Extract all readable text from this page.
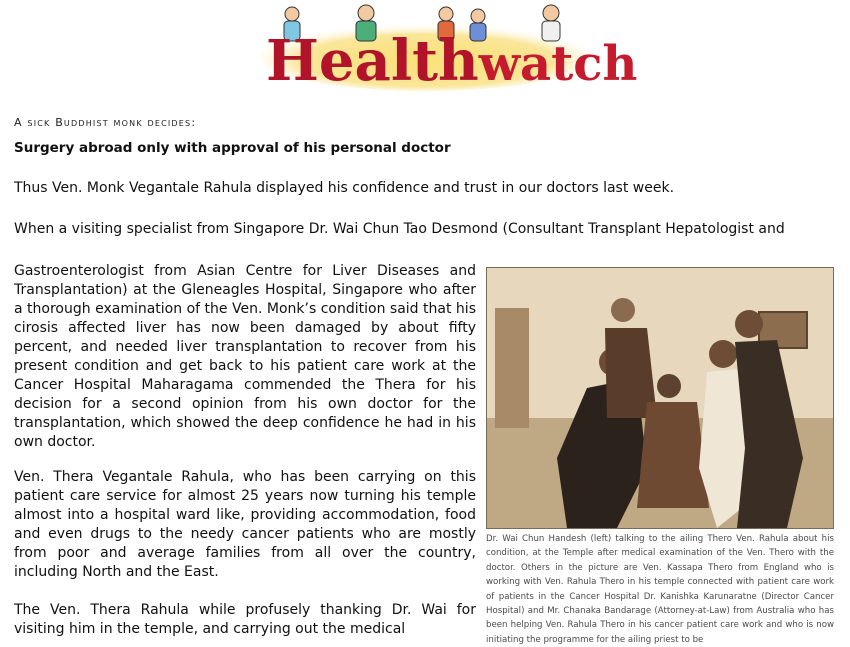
Healthwatch
A sick Buddhist monk decides:
Surgery abroad only with approval of his personal doctor

Thus Ven. Monk Vegantale Rahula displayed his confidence and trust in our doctors last week.

When a visiting specialist from Singapore Dr. Wai Chun Tao Desmond (Consultant Transplant Hepatologist and

Gastroenterologist from Asian Centre for Liver Diseases and Transplantation) at the Gleneagles Hospital, Singapore who after a thorough examination of the Ven. Monk’s condition said that his cirosis affected liver has now been damaged by about fifty percent, and needed liver transplantation to recover from his present condition and get back to his patient care work at the Cancer Hospital Maharagama commended the Thera for his decision for a second opinion from his own doctor for the transplantation, which showed the deep confidence he had in his own doctor.

Ven. Thera Vegantale Rahula, who has been carrying on this patient care service for almost 25 years now turning his temple almost into a hospital ward like, providing accommodation, food and even drugs to the needy cancer patients who are mostly from poor and average families from all over the country, including North and the East.

The Ven. Thera Rahula while profusely thanking Dr. Wai for visiting him in the temple, and carrying out the medical

Dr. Wai Chun Handesh (left) talking to the ailing Thero Ven. Rahula about his condition, at the Temple after medical examination of the Ven. Thero with the doctor. Others in the picture are Ven. Kassapa Thero from England who is working with Ven. Rahula Thero in his temple connected with patient care work of patients in the Cancer Hospital Dr. Kanishka Karunaratne (Director Cancer Hospital) and Mr. Chanaka Bandarage (Attorney-at-Law) from Australia who has been helping Ven. Rahula Thero in his cancer patient care work and who is now initiating the programme for the ailing priest to be
